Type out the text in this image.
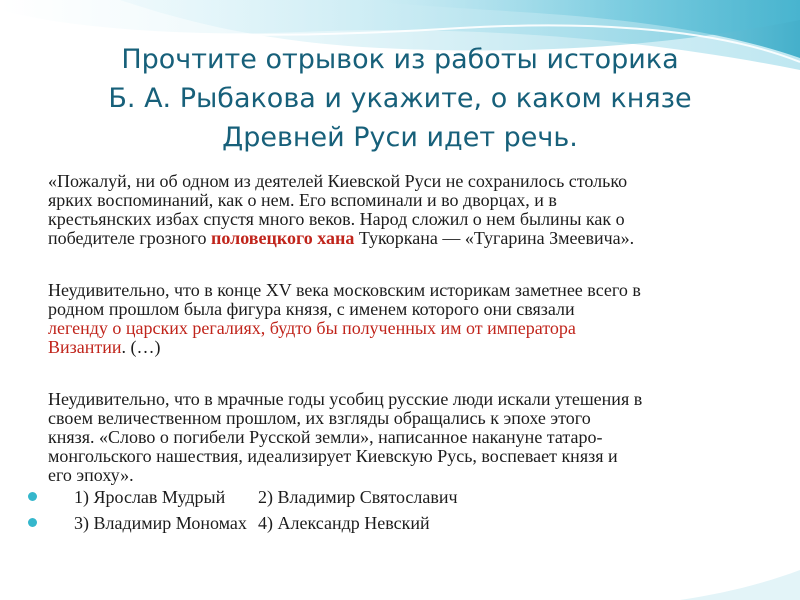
Прочтите отрывок из работы историка
Б. А. Рыбакова и укажите, о каком князе
Древней Руси идет речь.

«Пожалуй, ни об одном из деятелей Киевской Руси не сохранилось столько
ярких воспоминаний, как о нем. Его вспоминали и во дворцах, и в
крестьянских избах спустя много веков. Народ сложил о нем былины как о
победителе грозного половецкого хана Тукоркана — «Тугарина Змеевича».

Неудивительно, что в конце XV века московским историкам заметнее всего в
родном прошлом была фигура князя, с именем которого они связали
легенду о царских регалиях, будто бы полученных им от императора
Византии. (…)

Неудивительно, что в мрачные годы усобиц русские люди искали утешения в
своем величественном прошлом, их взгляды обращались к эпохе этого
князя. «Слово о погибели Русской земли», написанное накануне татаро-
монгольского нашествия, идеализирует Киевскую Русь, воспевает князя и
его эпоху».

1) Ярослав Мудрый 2) Владимир Святославич
3) Владимир Мономах 4) Александр Невский
